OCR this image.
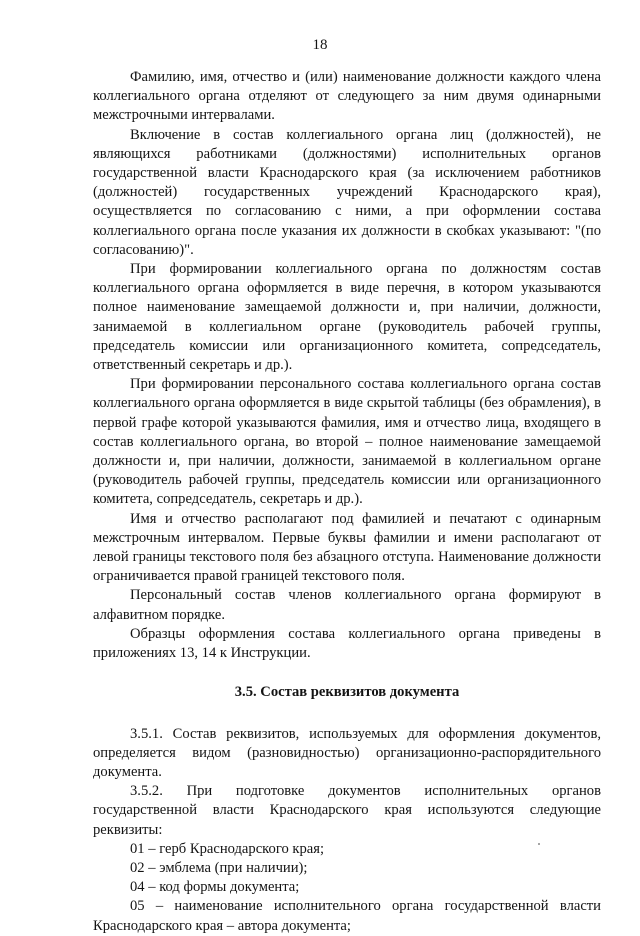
18

Фамилию, имя, отчество и (или) наименование должности каждого члена коллегиального органа отделяют от следующего за ним двумя одинарными межстрочными интервалами.

Включение в состав коллегиального органа лиц (должностей), не являющихся работниками (должностями) исполнительных органов государственной власти Краснодарского края (за исключением работников (должностей) государственных учреждений Краснодарского края), осуществляется по согласованию с ними, а при оформлении состава коллегиального органа после указания их должности в скобках указывают: "(по согласованию)".

При формировании коллегиального органа по должностям состав коллегиального органа оформляется в виде перечня, в котором указываются полное наименование замещаемой должности и, при наличии, должности, занимаемой в коллегиальном органе (руководитель рабочей группы, председатель комиссии или организационного комитета, сопредседатель, ответственный секретарь и др.).

При формировании персонального состава коллегиального органа состав коллегиального органа оформляется в виде скрытой таблицы (без обрамления), в первой графе которой указываются фамилия, имя и отчество лица, входящего в состав коллегиального органа, во второй – полное наименование замещаемой должности и, при наличии, должности, занимаемой в коллегиальном органе (руководитель рабочей группы, председатель комиссии или организационного комитета, сопредседатель, секретарь и др.).

Имя и отчество располагают под фамилией и печатают с одинарным межстрочным интервалом. Первые буквы фамилии и имени располагают от левой границы текстового поля без абзацного отступа. Наименование должности ограничивается правой границей текстового поля.

Персональный состав членов коллегиального органа формируют в алфавитном порядке.

Образцы оформления состава коллегиального органа приведены в приложениях 13, 14 к Инструкции.

3.5. Состав реквизитов документа

3.5.1. Состав реквизитов, используемых для оформления документов, определяется видом (разновидностью) организационно-распорядительного документа.

3.5.2. При подготовке документов исполнительных органов государственной власти Краснодарского края используются следующие реквизиты:

01 – герб Краснодарского края;

02 – эмблема (при наличии);

04 – код формы документа;

05 – наименование исполнительного органа государственной власти Краснодарского края – автора документа;
